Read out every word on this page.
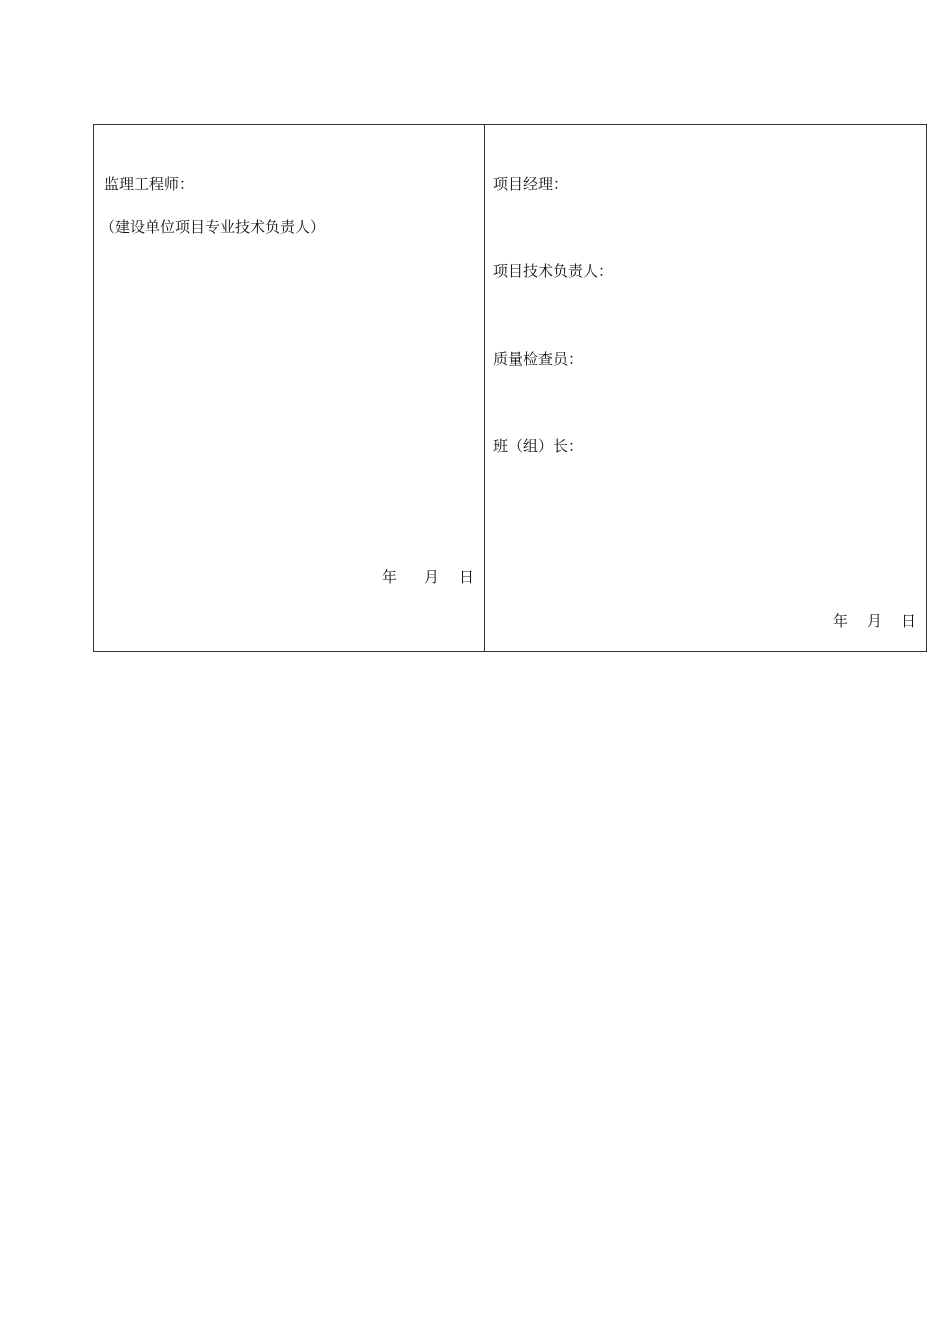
监理工程师：
（建设单位项目专业技术负责人）
年 月 日
项目经理：
项目技术负责人：
质量检查员：
班（组）长：
年 月 日
